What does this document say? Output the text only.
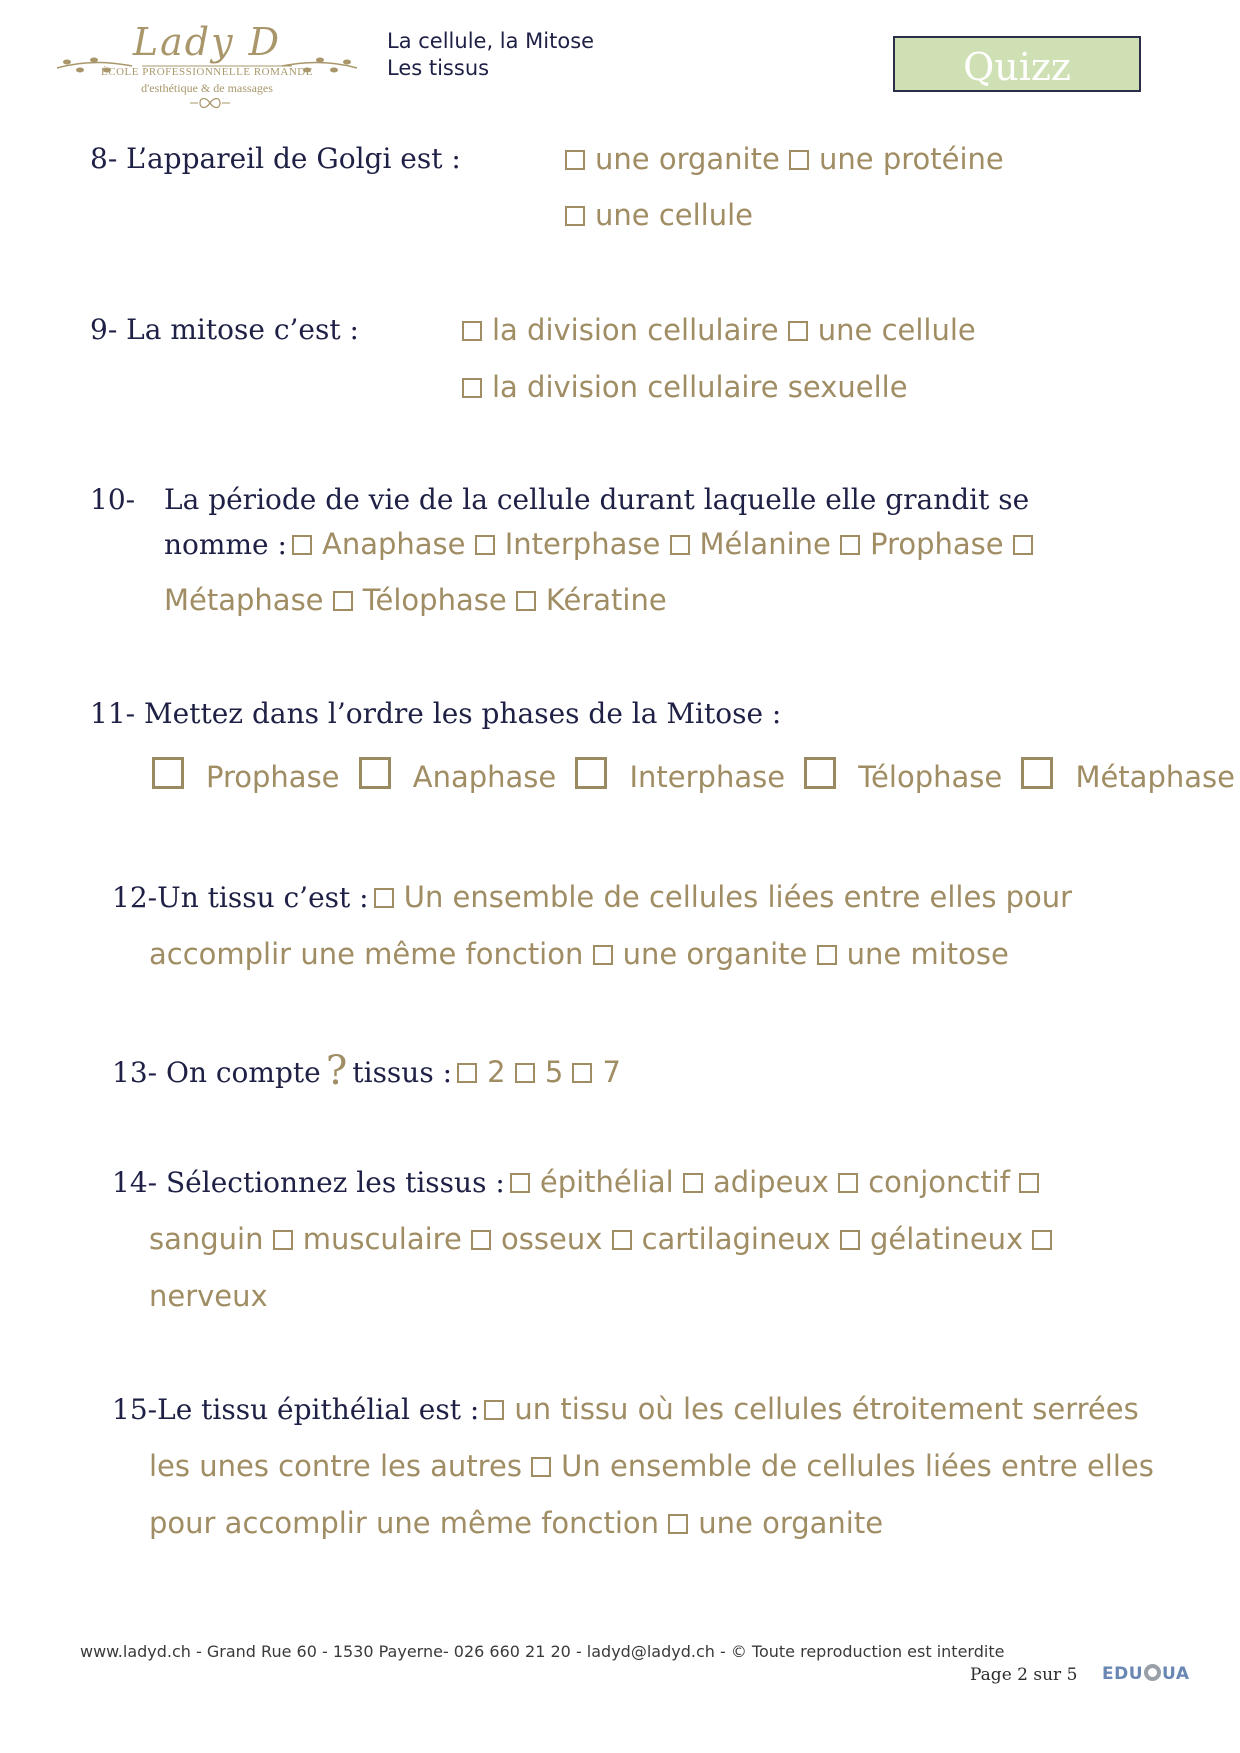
Lady D
ÉCOLE PROFESSIONNELLE ROMANDE
d'esthétique & de massages
La cellule, la Mitose
Les tissus	Quizz
8- L’appareil de Golgi est :	une organite une protéine
une cellule
9- La mitose c’est :	la division cellulaire une cellule
la division cellulaire sexuelle
10- La période de vie de la cellule durant laquelle elle grandit se
nomme : Anaphase Interphase Mélanine Prophase
Métaphase Télophase Kératine
11- Mettez dans l’ordre les phases de la Mitose :
Prophase	Anaphase	Interphase	Télophase	Métaphase
12-Un tissu c’est : Un ensemble de cellules liées entre elles pour
accomplir une même fonction une organite une mitose
13- On compte ? tissus : 2 5 7
14- Sélectionnez les tissus : épithélial adipeux conjonctif
sanguin musculaire osseux cartilagineux gélatineux
nerveux
15-Le tissu épithélial est : un tissu où les cellules étroitement serrées
les unes contre les autres Un ensemble de cellules liées entre elles
pour accomplir une même fonction une organite
www.ladyd.ch - Grand Rue 60 - 1530 Payerne- 026 660 21 20 - ladyd@ladyd.ch - © Toute reproduction est interdite
Page 2 sur 5 EDU UA
